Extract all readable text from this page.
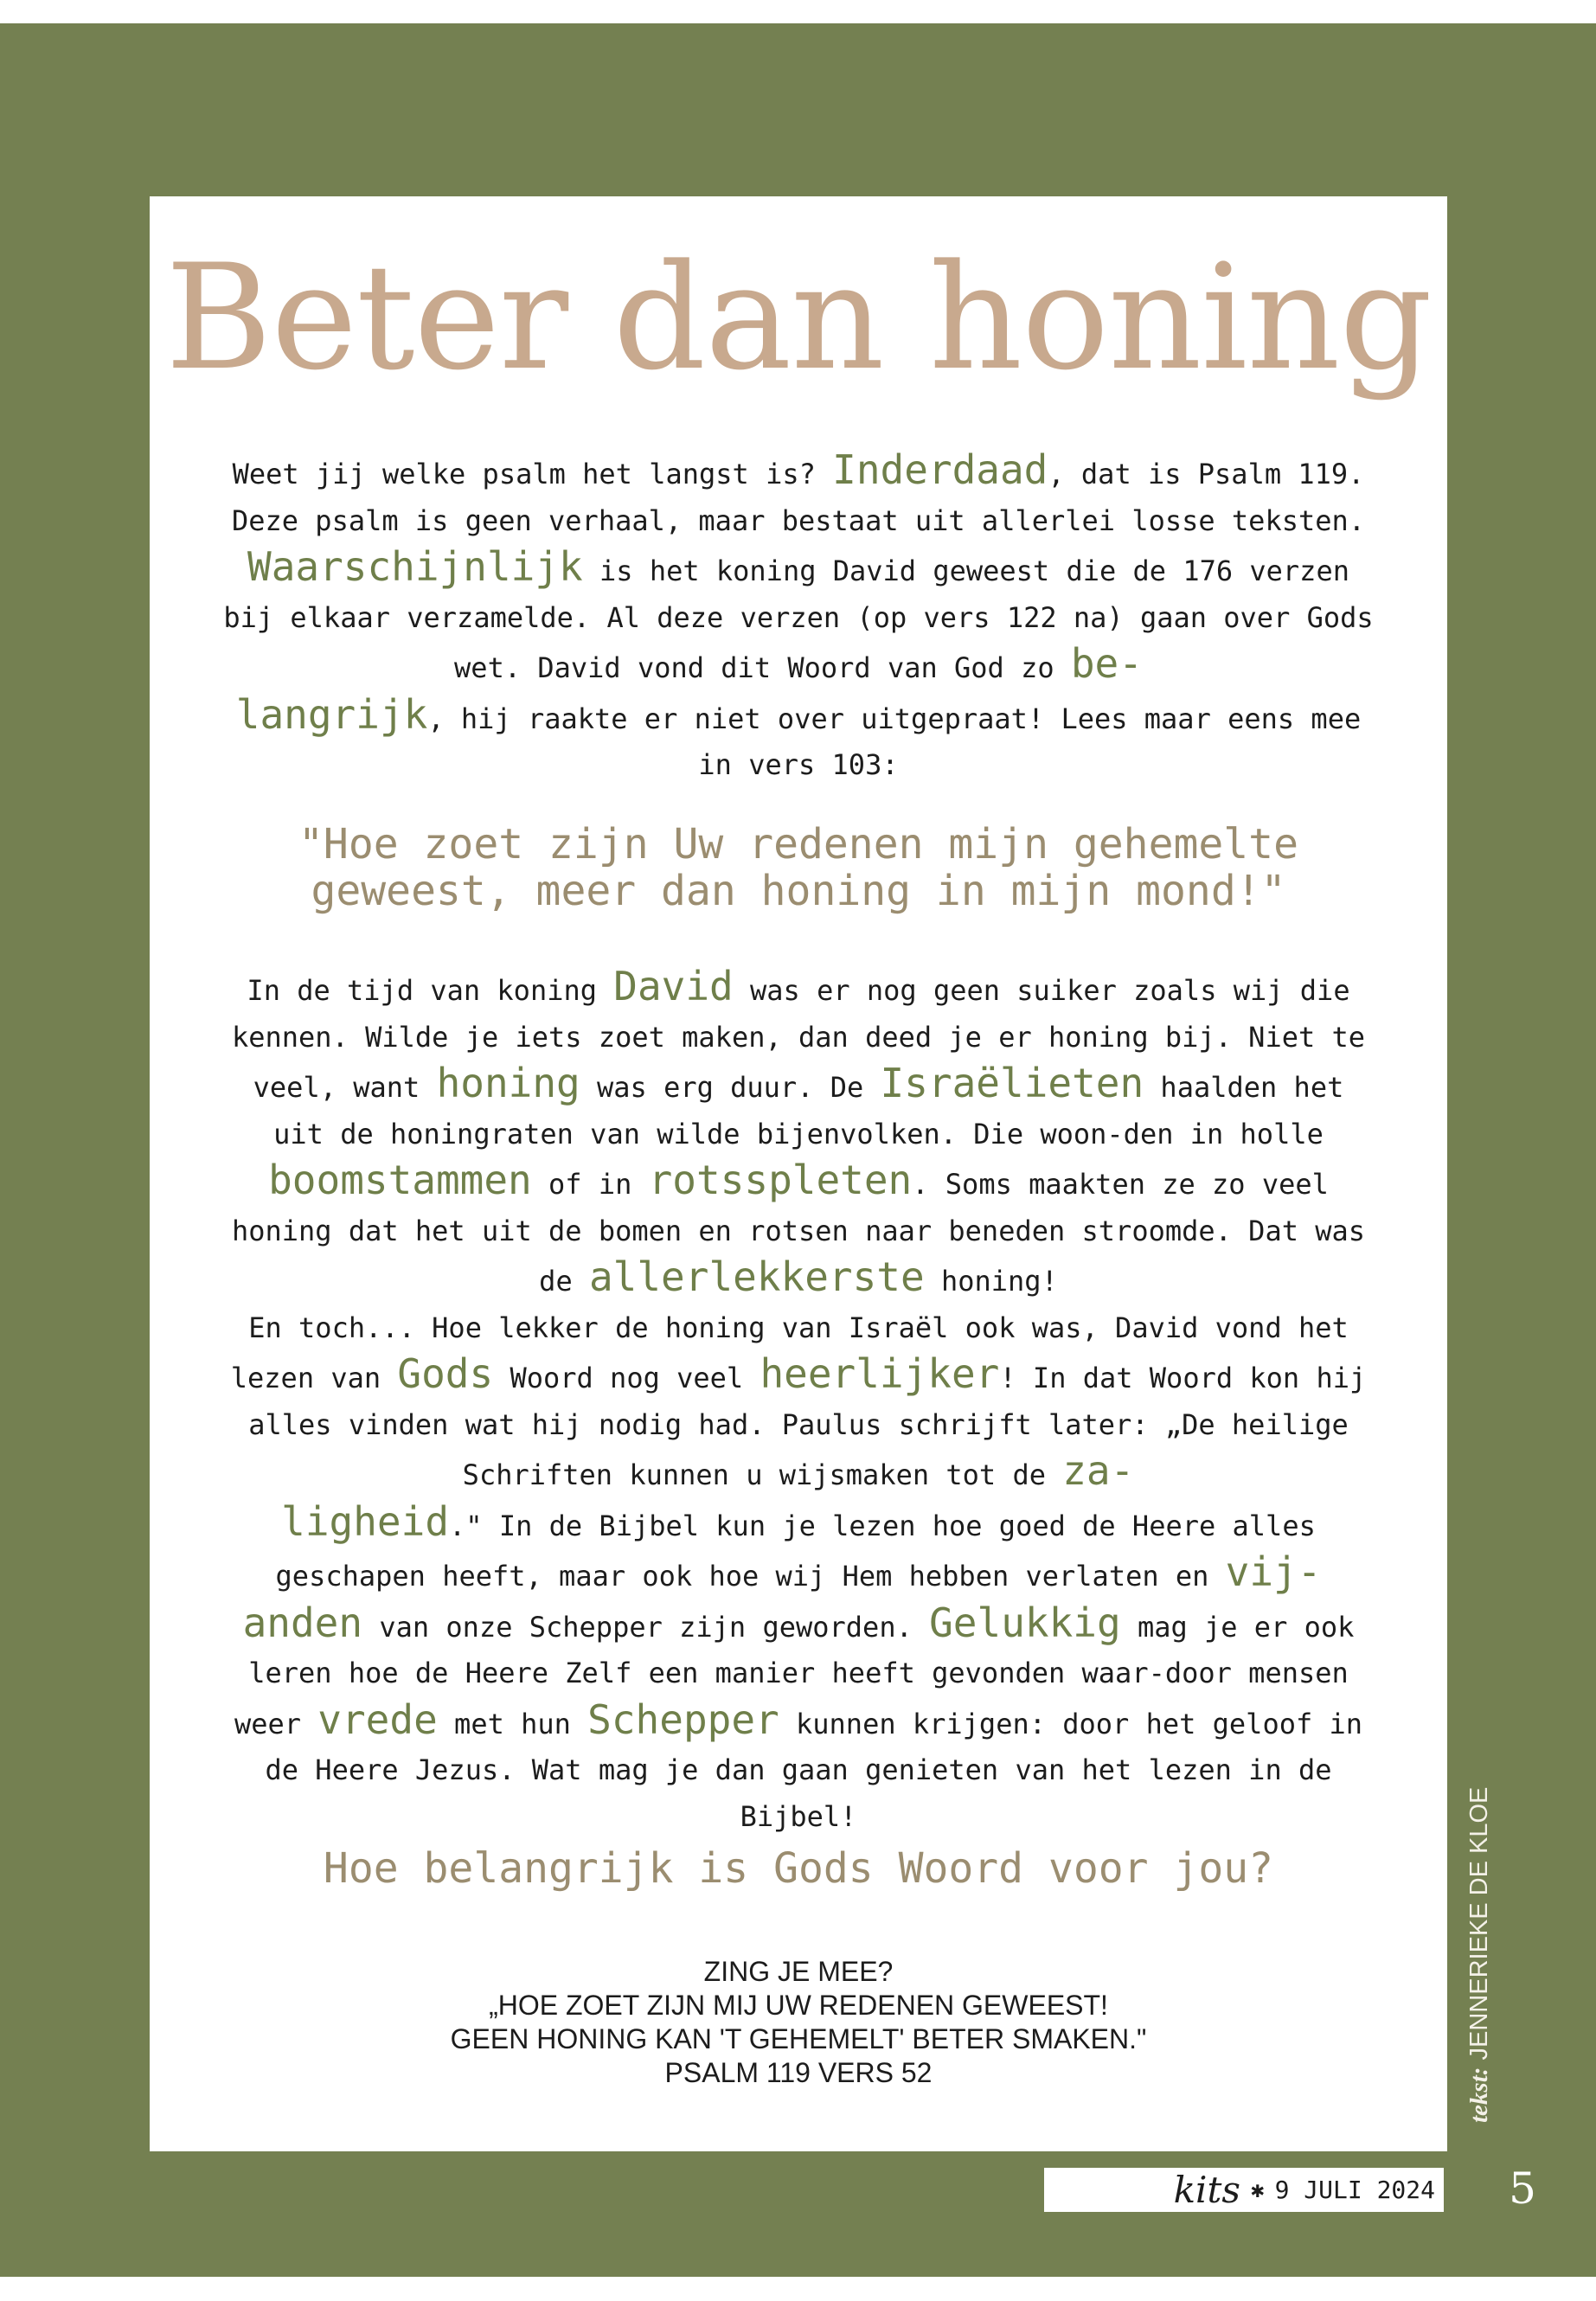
Beter dan honing
Weet jij welke psalm het langst is? Inderdaad, dat is Psalm 119. Deze psalm is geen verhaal, maar bestaat uit allerlei losse teksten. Waarschijnlijk is het koning David geweest die de 176 verzen bij elkaar verzamelde. Al deze verzen (op vers 122 na) gaan over Gods wet. David vond dit Woord van God zo be-
langrijk, hij raakte er niet over uitgepraat! Lees maar eens mee in vers 103:
"Hoe zoet zijn Uw redenen mijn gehemelte geweest, meer dan honing in mijn mond!"
In de tijd van koning David was er nog geen suiker zoals wij die kennen. Wilde je iets zoet maken, dan deed je er honing bij. Niet te veel, want honing was erg duur. De Israëlieten haalden het uit de honingraten van wilde bijenvolken. Die woon-den in holle boomstammen of in rotsspleten. Soms maakten ze zo veel honing dat het uit de bomen en rotsen naar beneden stroomde. Dat was de allerlekkerste honing!
En toch... Hoe lekker de honing van Israël ook was, David vond het lezen van Gods Woord nog veel heerlijker! In dat Woord kon hij alles vinden wat hij nodig had. Paulus schrijft later: „De heilige Schriften kunnen u wijsmaken tot de za-
ligheid." In de Bijbel kun je lezen hoe goed de Heere alles geschapen heeft, maar ook hoe wij Hem hebben verlaten en vij-
anden van onze Schepper zijn geworden. Gelukkig mag je er ook leren hoe de Heere Zelf een manier heeft gevonden waar-door mensen weer vrede met hun Schepper kunnen krijgen: door het geloof in de Heere Jezus. Wat mag je dan gaan genieten van het lezen in de Bijbel!
Hoe belangrijk is Gods Woord voor jou?
ZING JE MEE?
„HOE ZOET ZIJN MIJ UW REDENEN GEWEEST!
GEEN HONING KAN 'T GEHEMELT' BETER SMAKEN."
PSALM 119 VERS 52	tekst: JENNERIEKE DE KLOE
kits ✱ 9 JULI 2024 5
